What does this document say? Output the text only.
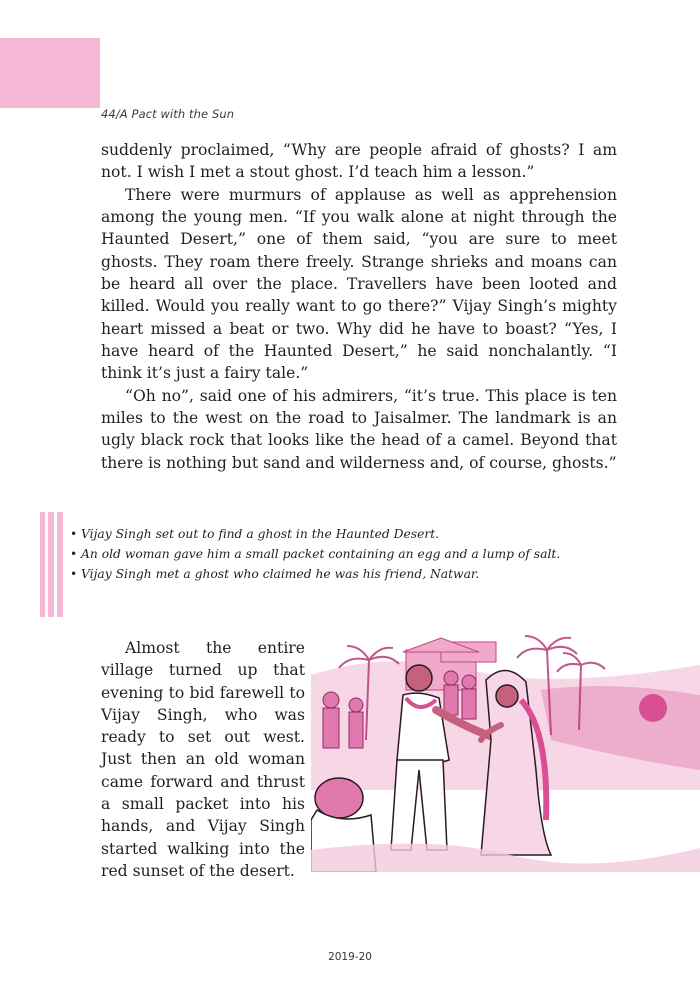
44/A Pact with the Sun

suddenly proclaimed, “Why are people afraid of ghosts? I am not. I wish I met a stout ghost. I’d teach him a lesson.”

There were murmurs of applause as well as apprehension among the young men. “If you walk alone at night through the Haunted Desert,” one of them said, “you are sure to meet ghosts. They roam there freely. Strange shrieks and moans can be heard all over the place. Travellers have been looted and killed. Would you really want to go there?” Vijay Singh’s mighty heart missed a beat or two. Why did he have to boast? “Yes, I have heard of the Haunted Desert,” he said nonchalantly. “I think it’s just a fairy tale.”

“Oh no”, said one of his admirers, “it’s true. This place is ten miles to the west on the road to Jaisalmer. The landmark is an ugly black rock that looks like the head of a camel. Beyond that there is nothing but sand and wilderness and, of course, ghosts.”

• Vijay Singh set out to find a ghost in the Haunted Desert.
• An old woman gave him a small packet containing an egg and a lump of salt.
• Vijay Singh met a ghost who claimed he was his friend, Natwar.

Almost the entire village turned up that evening to bid farewell to Vijay Singh, who was ready to set out west. Just then an old woman came forward and thrust a small packet into his hands, and Vijay Singh started walking into the red sunset of the desert.

2019-20
